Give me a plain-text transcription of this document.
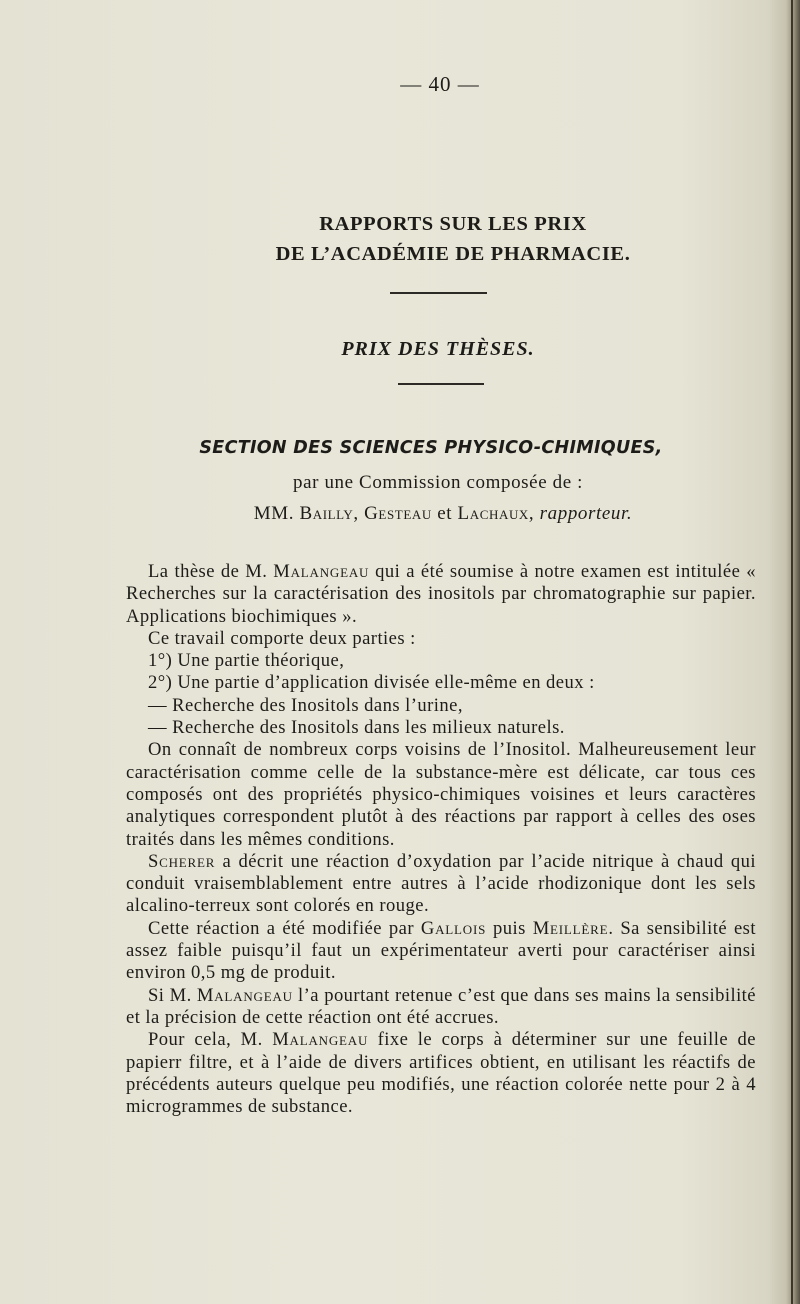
— 40 —
RAPPORTS SUR LES PRIX
DE L’ACADÉMIE DE PHARMACIE.
PRIX DES THÈSES.
SECTION DES SCIENCES PHYSICO-CHIMIQUES,
par une Commission composée de :
MM. Bailly, Gesteau et Lachaux, rapporteur.

La thèse de M. Malangeau qui a été soumise à notre examen est intitulée « Recherches sur la caractérisation des inositols par chromatographie sur papier. Applications biochimiques ».

Ce travail comporte deux parties :

1°) Une partie théorique,

2°) Une partie d’application divisée elle-même en deux :

— Recherche des Inositols dans l’urine,

— Recherche des Inositols dans les milieux naturels.

On connaît de nombreux corps voisins de l’Inositol. Malheureusement leur caractérisation comme celle de la substance-mère est délicate, car tous ces composés ont des propriétés physico-chimiques voisines et leurs caractères analytiques correspondent plutôt à des réactions par rapport à celles des oses traités dans les mêmes conditions.

Scherer a décrit une réaction d’oxydation par l’acide nitrique à chaud qui conduit vraisemblablement entre autres à l’acide rhodizonique dont les sels alcalino-terreux sont colorés en rouge.

Cette réaction a été modifiée par Gallois puis Meillère. Sa sensibilité est assez faible puisqu’il faut un expérimentateur averti pour caractériser ainsi environ 0,5 mg de produit.

Si M. Malangeau l’a pourtant retenue c’est que dans ses mains la sensibilité et la précision de cette réaction ont été accrues.

Pour cela, M. Malangeau fixe le corps à déterminer sur une feuille de papierr filtre, et à l’aide de divers artifices obtient, en utilisant les réactifs de précédents auteurs quelque peu modifiés, une réaction colorée nette pour 2 à 4 microgrammes de substance.
